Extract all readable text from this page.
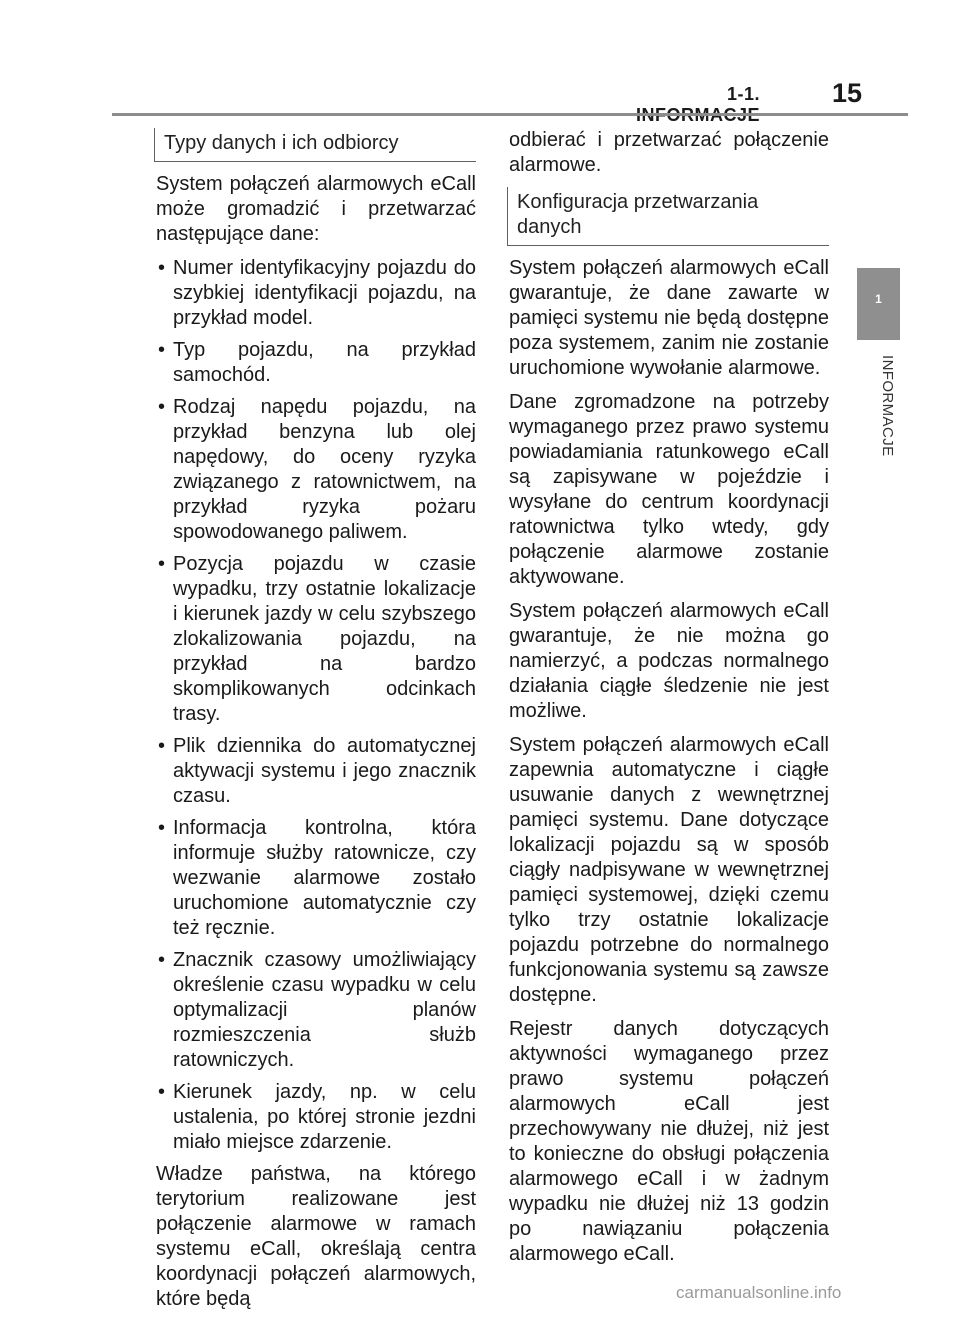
1-1.	15
1
INFORMACJE
Typy danych i ich odbiorcy

System połączeń alarmowych eCall może gromadzić i przetwarzać następujące dane:

• Numer identyfikacyjny pojazdu do szybkiej identyfikacji pojazdu, na przykład model.
• Typ pojazdu, na przykład samochód.
• Rodzaj napędu pojazdu, na przykład benzyna lub olej napędowy, do oceny ryzyka związanego z ratownictwem, na przykład ryzyka pożaru spowodowanego paliwem.
• Pozycja pojazdu w czasie wypadku, trzy ostatnie lokalizacje i kierunek jazdy w celu szybszego zlokalizowania pojazdu, na przykład na bardzo skomplikowanych odcinkach trasy.
• Plik dziennika do automatycznej aktywacji systemu i jego znacznik czasu.
• Informacja kontrolna, która informuje służby ratownicze, czy wezwanie alarmowe zostało uruchomione automatycznie czy też ręcznie.
• Znacznik czasowy umożliwiający określenie czasu wypadku w celu optymalizacji planów rozmieszczenia służb ratowniczych.
• Kierunek jazdy, np. w celu ustalenia, po której stronie jezdni miało miejsce zdarzenie.

Władze państwa, na którego terytorium realizowane jest połączenie alarmowe w ramach systemu eCall, określają centra koordynacji połączeń alarmowych, które będą

odbierać i przetwarzać połączenie alarmowe.

Konfiguracja przetwarzania danych

System połączeń alarmowych eCall gwarantuje, że dane zawarte w pamięci systemu nie będą dostępne poza systemem, zanim nie zostanie uruchomione wywołanie alarmowe.

Dane zgromadzone na potrzeby wymaganego przez prawo systemu powiadamiania ratunkowego eCall są zapisywane w pojeździe i wysyłane do centrum koordynacji ratownictwa tylko wtedy, gdy połączenie alarmowe zostanie aktywowane.

System połączeń alarmowych eCall gwarantuje, że nie można go namierzyć, a podczas normalnego działania ciągłe śledzenie nie jest możliwe.

System połączeń alarmowych eCall zapewnia automatyczne i ciągłe usuwanie danych z wewnętrznej pamięci systemu. Dane dotyczące lokalizacji pojazdu są w sposób ciągły nadpisywane w wewnętrznej pamięci systemowej, dzięki czemu tylko trzy ostatnie lokalizacje pojazdu potrzebne do normalnego funkcjonowania systemu są zawsze dostępne.

Rejestr danych dotyczących aktywności wymaganego przez prawo systemu połączeń alarmowych eCall jest przechowywany nie dłużej, niż jest to konieczne do obsługi połączenia alarmowego eCall i w żadnym wypadku nie dłużej niż 13 godzin po nawiązaniu połączenia alarmowego eCall.

carmanualsonline.info
